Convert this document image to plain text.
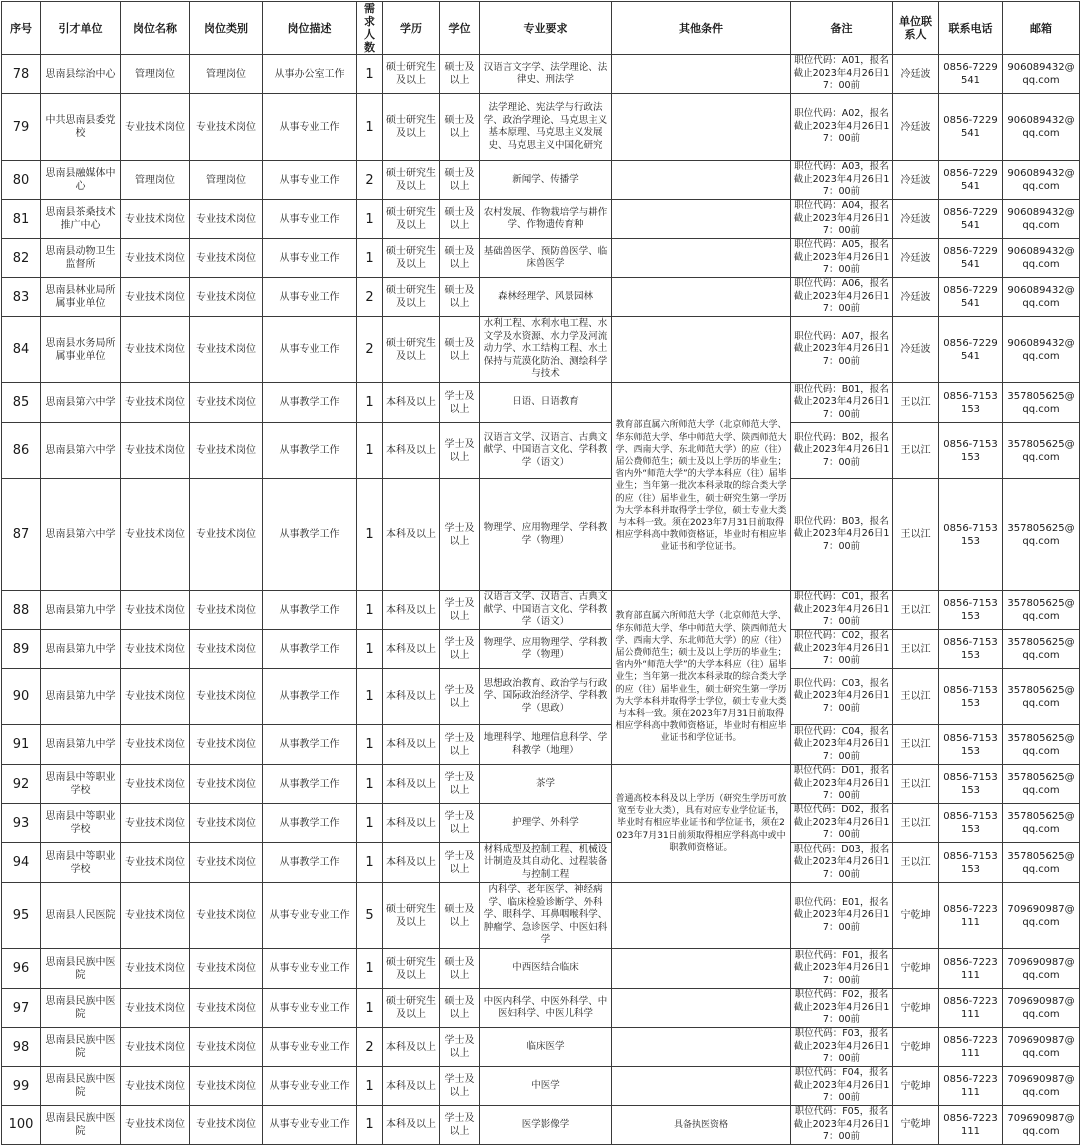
序号	引才单位	岗位名称	岗位类别	岗位描述	需求人数	学历	学位	专业要求	其他条件	备注	单位联系人	联系电话	邮箱
78	思南县综治中心	管理岗位	管理岗位	从事办公室工作	1	硕士研究生及以上	硕士及以上	汉语言文字学、法学理论、法律史、刑法学		职位代码：A01，报名截止2023年4月26日17：00前	冷廷波	0856-7229541	906089432@qq.com
79	中共思南县委党校	专业技术岗位	专业技术岗位	从事专业工作	1	硕士研究生及以上	硕士及以上	法学理论、宪法学与行政法学、政治学理论、马克思主义基本原理、马克思主义发展史、马克思主义中国化研究		职位代码：A02，报名截止2023年4月26日17：00前	冷廷波	0856-7229541	906089432@qq.com
80	思南县融媒体中心	管理岗位	管理岗位	从事专业工作	2	硕士研究生及以上	硕士及以上	新闻学、传播学		职位代码：A03，报名截止2023年4月26日17：00前	冷廷波	0856-7229541	906089432@qq.com
81	思南县茶桑技术推广中心	专业技术岗位	专业技术岗位	从事专业工作	1	硕士研究生及以上	硕士及以上	农村发展、作物栽培学与耕作学、作物遗传育种		职位代码：A04，报名截止2023年4月26日17：00前	冷廷波	0856-7229541	906089432@qq.com
82	思南县动物卫生监督所	专业技术岗位	专业技术岗位	从事专业工作	1	硕士研究生及以上	硕士及以上	基础兽医学、预防兽医学、临床兽医学		职位代码：A05，报名截止2023年4月26日17：00前	冷廷波	0856-7229541	906089432@qq.com
83	思南县林业局所属事业单位	专业技术岗位	专业技术岗位	从事专业工作	2	硕士研究生及以上	硕士及以上	森林经理学、风景园林		职位代码：A06，报名截止2023年4月26日17：00前	冷廷波	0856-7229541	906089432@qq.com
84	思南县水务局所属事业单位	专业技术岗位	专业技术岗位	从事专业工作	2	硕士研究生及以上	硕士及以上	水利工程、水利水电工程、水文学及水资源、水力学及河流动力学、水工结构工程、水土保持与荒漠化防治、测绘科学与技术		职位代码：A07，报名截止2023年4月26日17：00前	冷廷波	0856-7229541	906089432@qq.com
85	思南县第六中学	专业技术岗位	专业技术岗位	从事教学工作	1	本科及以上	学士及以上	日语、日语教育	教育部直属六所师范大学（北京师范大学、华东师范大学、华中师范大学、陕西师范大学、西南大学、东北师范大学）的应（往）届公费师范生；硕士及以上学历的毕业生；省内外“师范大学”的大学本科应（往）届毕业生；当年第一批次本科录取的综合类大学的应（往）届毕业生，硕士研究生第一学历为大学本科并取得学士学位，硕士专业大类与本科一致。须在2023年7月31日前取得相应学科高中教师资格证，毕业时有相应毕业证书和学位证书。	职位代码：B01，报名截止2023年4月26日17：00前	王以江	0856-7153153	357805625@qq.com
86	思南县第六中学	专业技术岗位	专业技术岗位	从事教学工作	1	本科及以上	学士及以上	汉语言文学、汉语言、古典文献学、中国语言文化、学科教学（语文）		职位代码：B02，报名截止2023年4月26日17：00前	王以江	0856-7153153	357805625@qq.com
87	思南县第六中学	专业技术岗位	专业技术岗位	从事教学工作	1	本科及以上	学士及以上	物理学、应用物理学、学科教学（物理）		职位代码：B03，报名截止2023年4月26日17：00前	王以江	0856-7153153	357805625@qq.com
88	思南县第九中学	专业技术岗位	专业技术岗位	从事教学工作	1	本科及以上	学士及以上	汉语言文学、汉语言、古典文献学、中国语言文化、学科教学（语文）	教育部直属六所师范大学（北京师范大学、华东师范大学、华中师范大学、陕西师范大学、西南大学、东北师范大学）的应（往）届公费师范生；硕士及以上学历的毕业生；省内外“师范大学”的大学本科应（往）届毕业生；当年第一批次本科录取的综合类大学的应（往）届毕业生，硕士研究生第一学历为大学本科并取得学士学位，硕士专业大类与本科一致。须在2023年7月31日前取得相应学科高中教师资格证，毕业时有相应毕业证书和学位证书。	职位代码：C01，报名截止2023年4月26日17：00前	王以江	0856-7153153	357805625@qq.com
89	思南县第九中学	专业技术岗位	专业技术岗位	从事教学工作	1	本科及以上	学士及以上	物理学、应用物理学、学科教学（物理）		职位代码：C02，报名截止2023年4月26日17：00前	王以江	0856-7153153	357805625@qq.com
90	思南县第九中学	专业技术岗位	专业技术岗位	从事教学工作	1	本科及以上	学士及以上	思想政治教育、政治学与行政学、国际政治经济学、学科教学（思政）		职位代码：C03，报名截止2023年4月26日17：00前	王以江	0856-7153153	357805625@qq.com
91	思南县第九中学	专业技术岗位	专业技术岗位	从事教学工作	1	本科及以上	学士及以上	地理科学、地理信息科学、学科教学（地理）		职位代码：C04，报名截止2023年4月26日17：00前	王以江	0856-7153153	357805625@qq.com
92	思南县中等职业学校	专业技术岗位	专业技术岗位	从事教学工作	1	本科及以上	学士及以上	茶学	普通高校本科及以上学历（研究生学历可放宽至专业大类），具有对应专业学位证书，毕业时有相应毕业证书和学位证书，须在2023年7月31日前须取得相应学科高中或中职教师资格证。	职位代码：D01，报名截止2023年4月26日17：00前	王以江	0856-7153153	357805625@qq.com
93	思南县中等职业学校	专业技术岗位	专业技术岗位	从事教学工作	1	本科及以上	学士及以上	护理学、外科学		职位代码：D02，报名截止2023年4月26日17：00前	王以江	0856-7153153	357805625@qq.com
94	思南县中等职业学校	专业技术岗位	专业技术岗位	从事教学工作	1	本科及以上	学士及以上	材料成型及控制工程、机械设计制造及其自动化、过程装备与控制工程		职位代码：D03，报名截止2023年4月26日17：00前	王以江	0856-7153153	357805625@qq.com
95	思南县人民医院	专业技术岗位	专业技术岗位	从事专业专业工作	5	硕士研究生及以上	硕士及以上	内科学、老年医学、神经病学、临床检验诊断学、外科学、眼科学、耳鼻咽喉科学、肿瘤学、急诊医学、中医妇科学		职位代码：E01，报名截止2023年4月26日17：00前	宁乾坤	0856-7223111	709690987@qq.com
96	思南县民族中医院	专业技术岗位	专业技术岗位	从事专业专业工作	1	硕士研究生及以上	硕士及以上	中西医结合临床		职位代码：F01，报名截止2023年4月26日17：00前	宁乾坤	0856-7223111	709690987@qq.com
97	思南县民族中医院	专业技术岗位	专业技术岗位	从事专业专业工作	1	硕士研究生及以上	硕士及以上	中医内科学、中医外科学、中医妇科学、中医儿科学		职位代码：F02，报名截止2023年4月26日17：00前	宁乾坤	0856-7223111	709690987@qq.com
98	思南县民族中医院	专业技术岗位	专业技术岗位	从事专业专业工作	2	本科及以上	学士及以上	临床医学		职位代码：F03，报名截止2023年4月26日17：00前	宁乾坤	0856-7223111	709690987@qq.com
99	思南县民族中医院	专业技术岗位	专业技术岗位	从事专业专业工作	1	本科及以上	学士及以上	中医学		职位代码：F04，报名截止2023年4月26日17：00前	宁乾坤	0856-7223111	709690987@qq.com
100	思南县民族中医院	专业技术岗位	专业技术岗位	从事专业专业工作	1	本科及以上	学士及以上	医学影像学	具备执医资格	职位代码：F05，报名截止2023年4月26日17：00前	宁乾坤	0856-7223111	709690987@qq.com
